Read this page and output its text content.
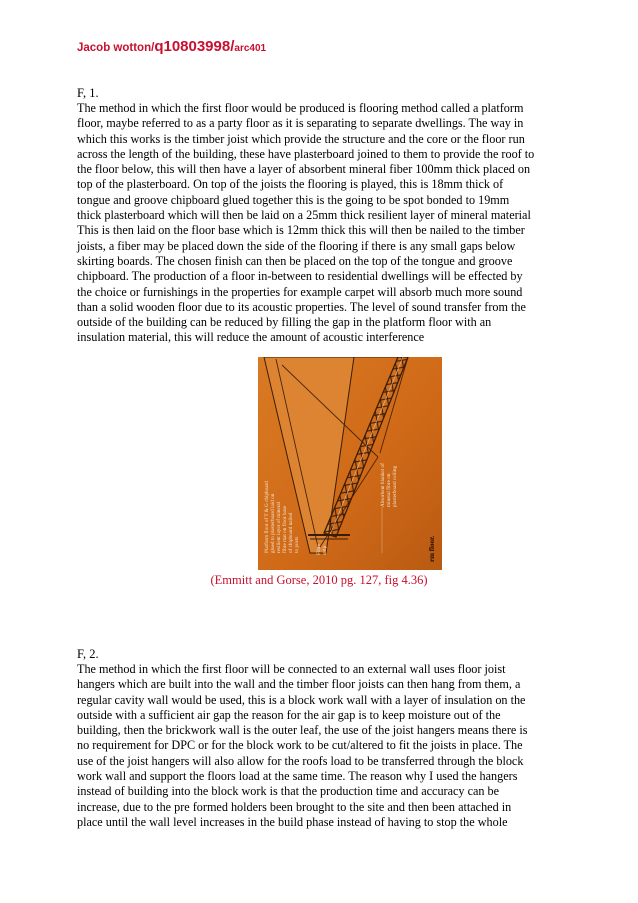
Jacob wotton/q10803998/arc401
F, 1.
The method in which the first floor would be produced is flooring method called a platform
floor, maybe referred to as a party floor as it is separating to separate dwellings. The way in
which this works is the timber joist which provide the structure and the core or the floor run
across the length of the building, these have plasterboard joined to them to provide the roof to
the floor below, this will then have a layer of absorbent mineral fiber 100mm thick placed on
top of the plasterboard. On top of the joists the flooring is played, this is 18mm thick of
tongue and groove chipboard glued together this is the going to be spot bonded to 19mm
thick plasterboard which will then be laid on a 25mm thick resilient layer of mineral material
This is then laid on the floor base which is 12mm thick this will then be nailed to the timber
joists, a fiber may be placed down the side of the flooring if there is any small gaps below
skirting boards. The chosen finish can then be placed on the top of the tongue and groove
chipboard. The production of a floor in-between to residential dwellings will be effected by
the choice or furnishings in the properties for example carpet will absorb much more sound
than a solid wooden floor due to its acoustic properties. The level of sound transfer from the
outside of the building can be reduced by filling the gap in the platform floor with an
insulation material, this will reduce the amount of acoustic interference
Platform floor of T & G chipboard glued to plasterboard laid on resilient layer of mineral fibre mat on floor base of chipboard nailed to joists	Fibre strip
Absorbent blanket of mineral fibre on plasterboard ceiling
rm floor.
(Emmitt and Gorse, 2010 pg. 127, fig 4.36)
F, 2.
The method in which the first floor will be connected to an external wall uses floor joist
hangers which are built into the wall and the timber floor joists can then hang from them, a
regular cavity wall would be used, this is a block work wall with a layer of insulation on the
outside with a sufficient air gap the reason for the air gap is to keep moisture out of the
building, then the brickwork wall is the outer leaf, the use of the joist hangers means there is
no requirement for DPC or for the block work to be cut/altered to fit the joists in place. The
use of the joist hangers will also allow for the roofs load to be transferred through the block
work wall and support the floors load at the same time. The reason why I used the hangers
instead of building into the block work is that the production time and accuracy can be
increase, due to the pre formed holders been brought to the site and then been attached in
place until the wall level increases in the build phase instead of having to stop the whole
